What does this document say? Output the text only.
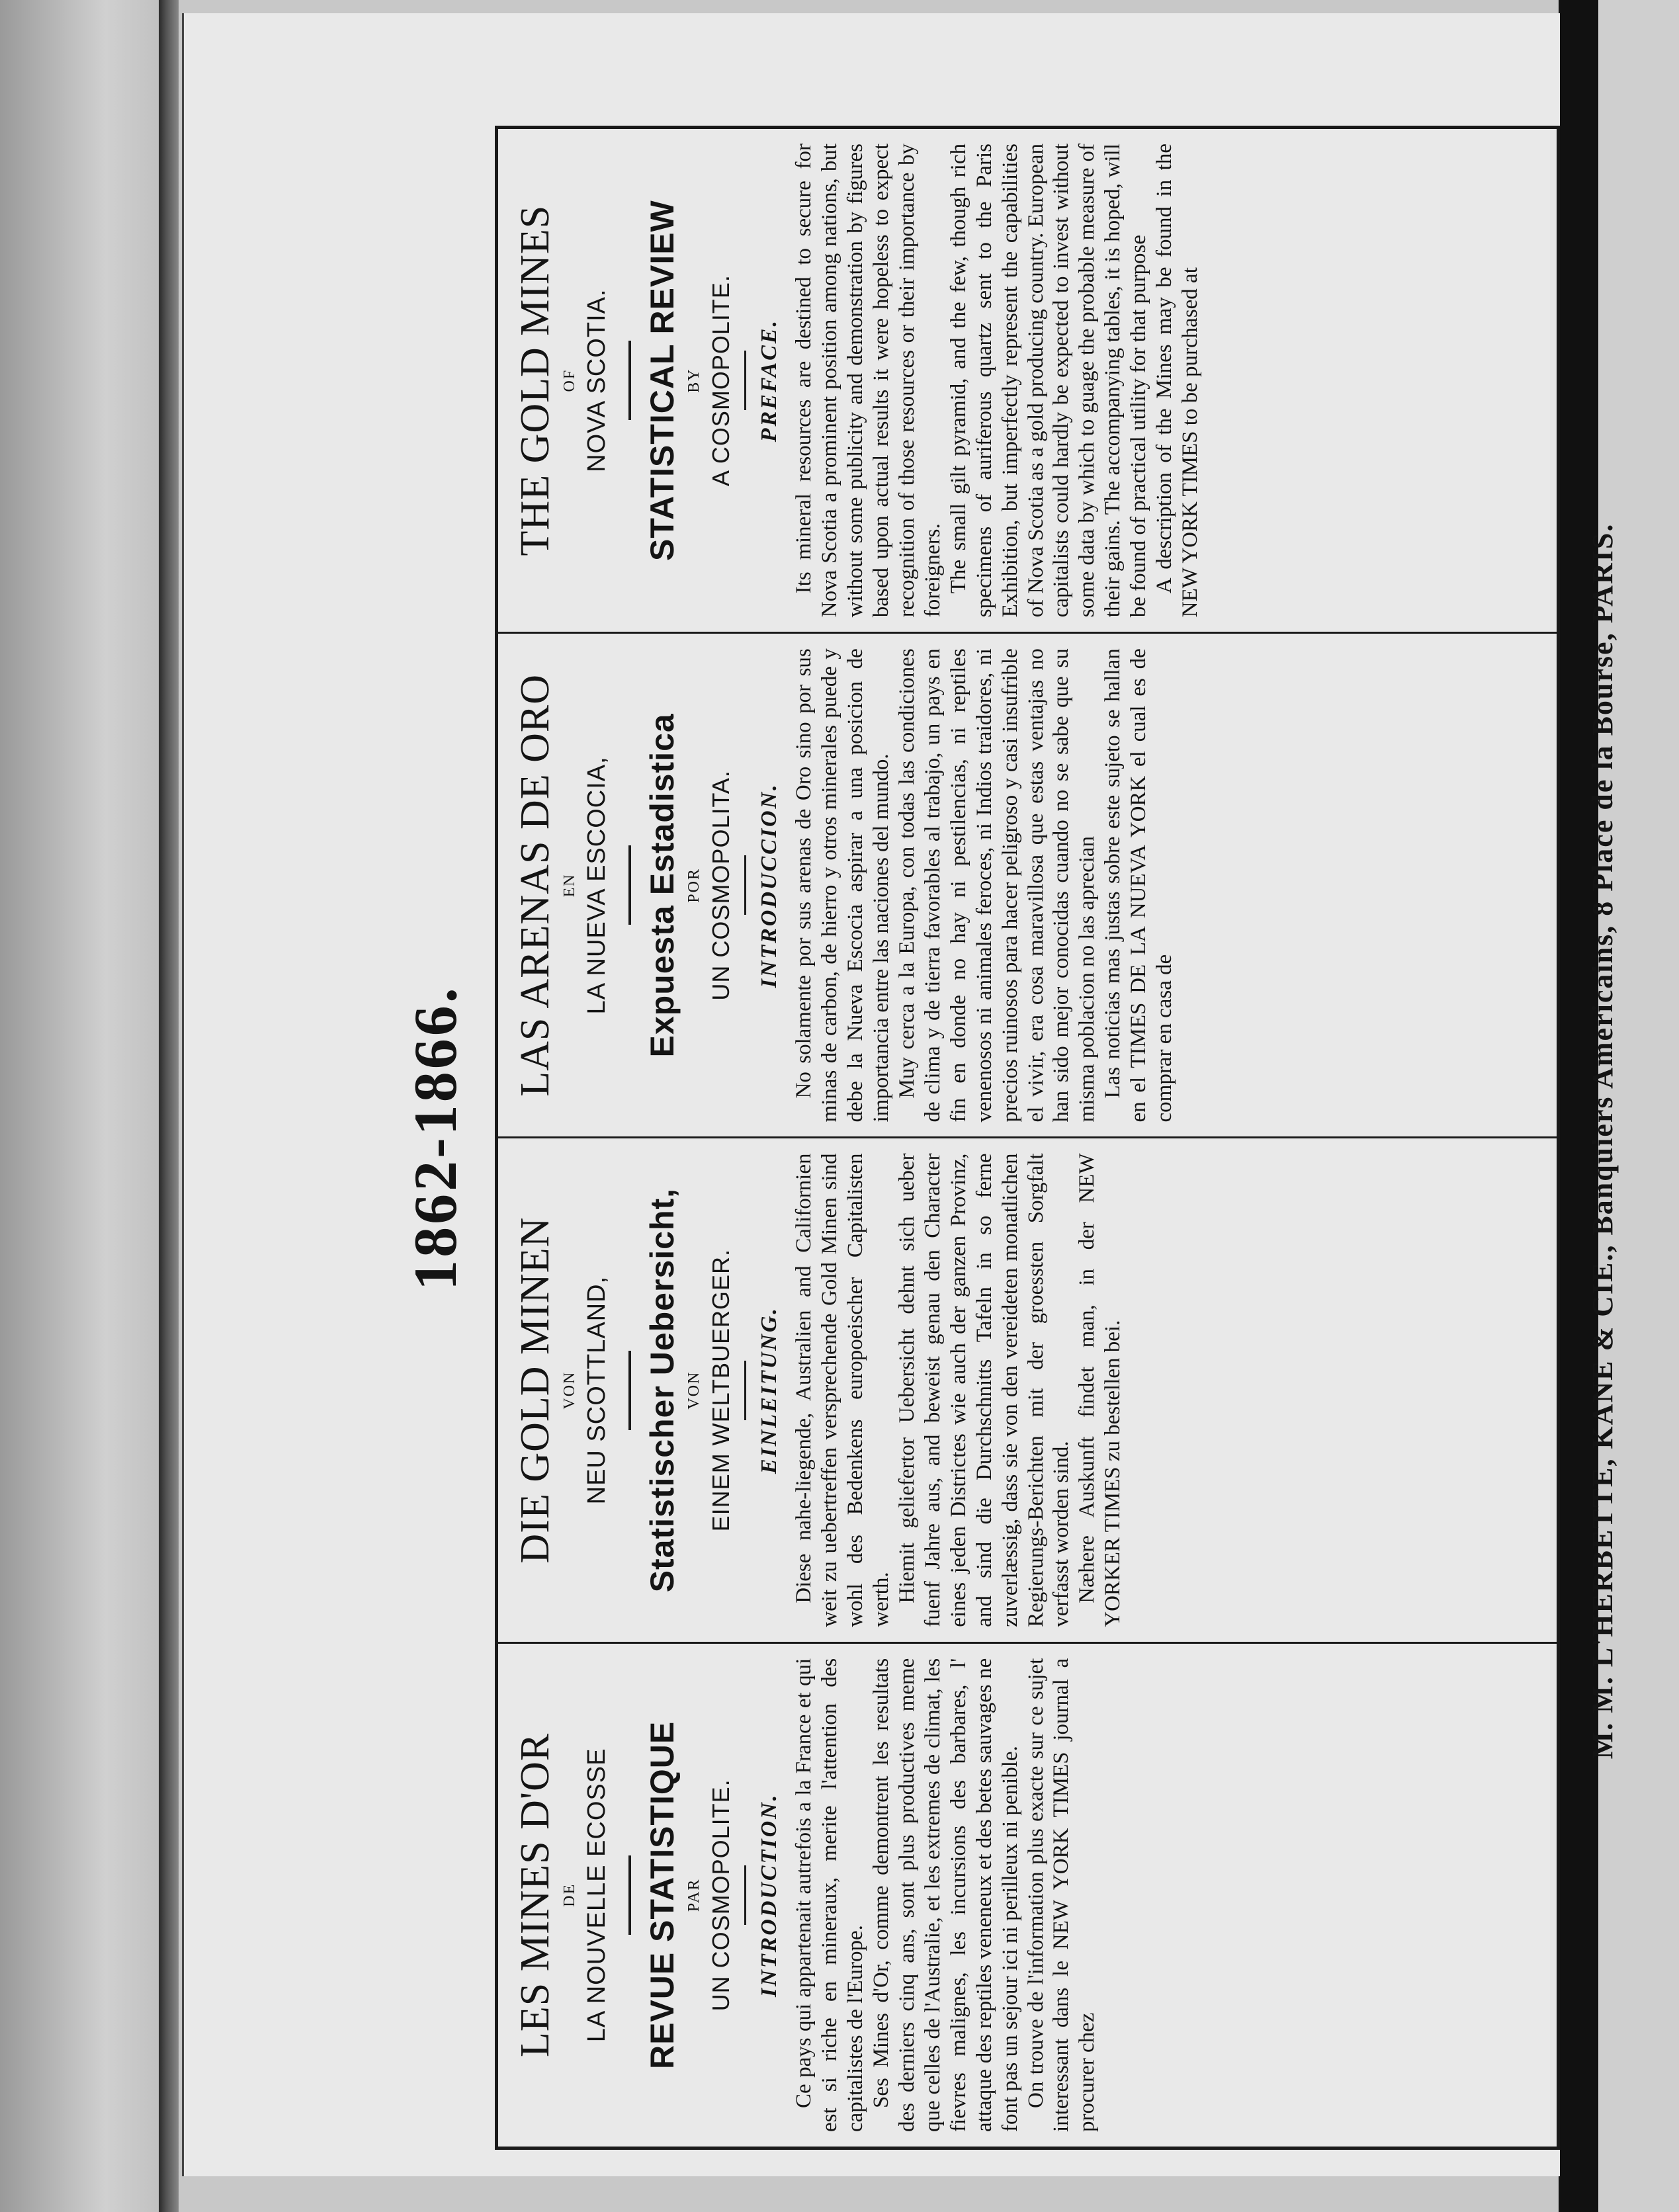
1862-1866.
LES MINES D'OR DE LA NOUVELLE ECOSSE REVUE STATISTIQUE PAR UN COSMOPOLITE. INTRODUCTION. Ce pays qui appartenait autrefois a la France et qui est si riche en mineraux, merite l'attention des capitalistes de l'Europe. Ses Mines d'Or, comme demontrent les resultats des derniers cinq ans, sont plus productives meme que celles de l'Australie, et les extremes de climat, les fievres malignes, les incursions des barbares, l' attaque des reptiles veneneux et des betes sauvages ne font pas un sejour ici ni perilleux ni penible. On trouve de l'information plus exacte sur ce sujet interessant dans le NEW YORK TIMES journal a procurer chez

DIE GOLD MINEN VON NEU SCOTTLAND, Statistischer Uebersicht, VON EINEM WELTBUERGER. EINLEITUNG. Diese nahe-liegende, Australien and Californien weit zu uebertreffen versprechende Gold Minen sind wohl des Bedenkens europoeischer Capitalisten werth. Hiemit geliefertor Uebersicht dehnt sich ueber fuenf Jahre aus, and beweist genau den Character eines jeden Districtes wie auch der ganzen Provinz, and sind die Durchschnitts Tafeln in so ferne zuverlæssig, dass sie von den vereideten monatlichen Regierungs-Berichten mit der groessten Sorgfalt verfasst worden sind. Næhere Auskunft findet man, in der NEW YORKER TIMES zu bestellen bei.

LAS ARENAS DE ORO EN LA NUEVA ESCOCIA, Expuesta Estadistica POR UN COSMOPOLITA. INTRODUCCION. No solamente por sus arenas de Oro sino por sus minas de carbon, de hierro y otros minerales puede y debe la Nueva Escocia aspirar a una posicion de importancia entre las naciones del mundo. Muy cerca a la Europa, con todas las condiciones de clima y de tierra favorables al trabajo, un pays en fin en donde no hay ni pestilencias, ni reptiles venenosos ni animales feroces, ni Indios traidores, ni precios ruinosos para hacer peligroso y casi insufrible el vivir, era cosa maravillosa que estas ventajas no han sido mejor conocidas cuando no se sabe que su misma poblacion no las aprecian Las noticias mas justas sobre este sujeto se hallan en el TIMES DE LA NUEVA YORK el cual es de comprar en casa de

THE GOLD MINES OF NOVA SCOTIA. STATISTICAL REVIEW BY A COSMOPOLITE. PREFACE. Its mineral resources are destined to secure for Nova Scotia a prominent position among nations, but without some publicity and demonstration by figures based upon actual results it were hopeless to expect recognition of those resources or their importance by foreigners. The small gilt pyramid, and the few, though rich specimens of auriferous quartz sent to the Paris Exhibition, but imperfectly represent the capabilities of Nova Scotia as a gold producing country. European capitalists could hardly be expected to invest without some data by which to guage the probable measure of their gains. The accompanying tables, it is hoped, will be found of practical utility for that purpose A description of the Mines may be found in the NEW YORK TIMES to be purchased at

M. M. L'HERBETTE, KANE & CIE., Banquiers Americains, 8 Place de la Bourse, PARIS.
